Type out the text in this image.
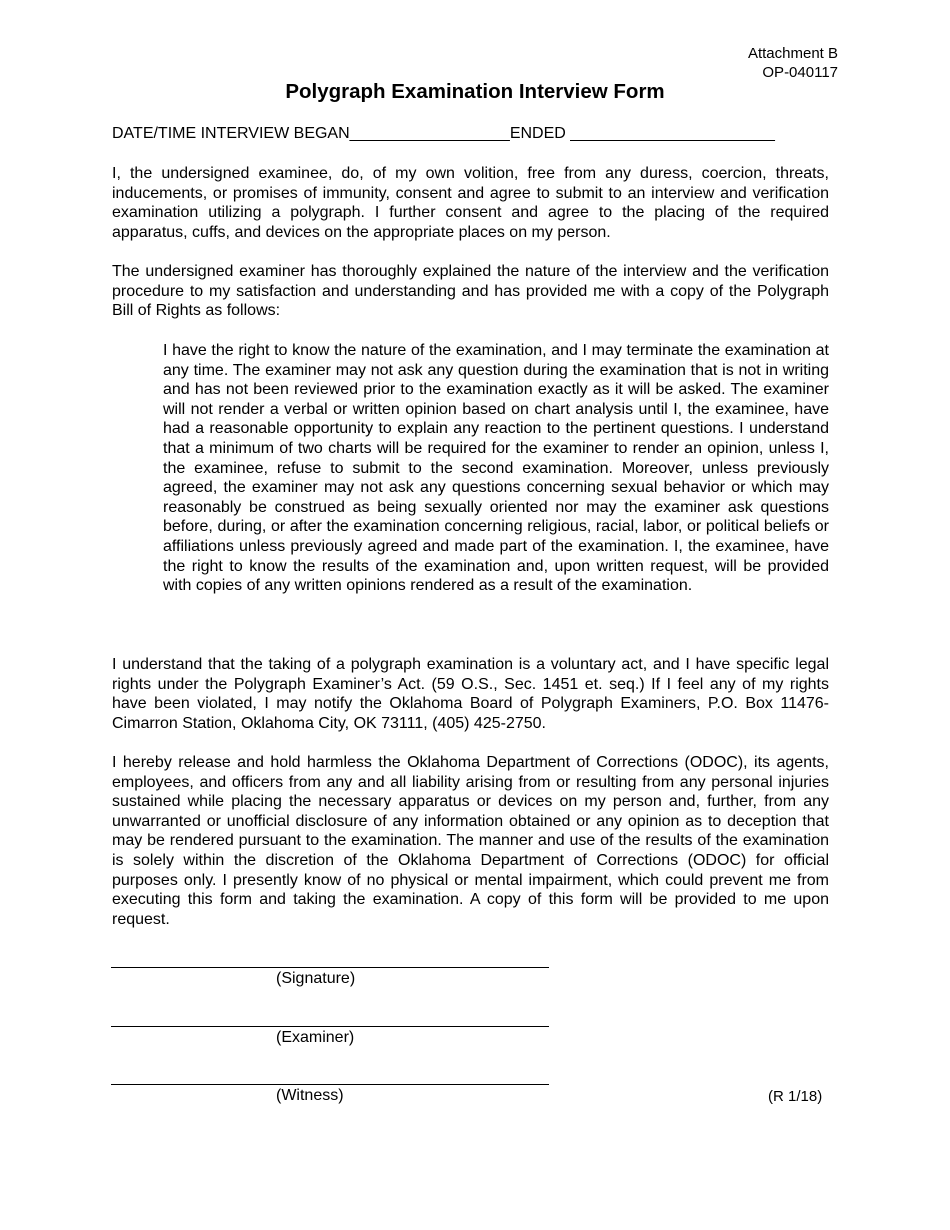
Attachment B
OP-040117
Polygraph Examination Interview Form
DATE/TIME INTERVIEW BEGAN__________________ENDED _______________________

I, the undersigned examinee, do, of my own volition, free from any duress, coercion, threats, inducements, or promises of immunity, consent and agree to submit to an interview and verification examination utilizing a polygraph. I further consent and agree to the placing of the required apparatus, cuffs, and devices on the appropriate places on my person.

The undersigned examiner has thoroughly explained the nature of the interview and the verification procedure to my satisfaction and understanding and has provided me with a copy of the Polygraph Bill of Rights as follows:

I have the right to know the nature of the examination, and I may terminate the examination at any time. The examiner may not ask any question during the examination that is not in writing and has not been reviewed prior to the examination exactly as it will be asked. The examiner will not render a verbal or written opinion based on chart analysis until I, the examinee, have had a reasonable opportunity to explain any reaction to the pertinent questions. I understand that a minimum of two charts will be required for the examiner to render an opinion, unless I, the examinee, refuse to submit to the second examination. Moreover, unless previously agreed, the examiner may not ask any questions concerning sexual behavior or which may reasonably be construed as being sexually oriented nor may the examiner ask questions before, during, or after the examination concerning religious, racial, labor, or political beliefs or affiliations unless previously agreed and made part of the examination. I, the examinee, have the right to know the results of the examination and, upon written request, will be provided with copies of any written opinions rendered as a result of the examination.

I understand that the taking of a polygraph examination is a voluntary act, and I have specific legal rights under the Polygraph Examiner’s Act. (59 O.S., Sec. 1451 et. seq.) If I feel any of my rights have been violated, I may notify the Oklahoma Board of Polygraph Examiners, P.O. Box 11476-Cimarron Station, Oklahoma City, OK 73111, (405) 425-2750.

I hereby release and hold harmless the Oklahoma Department of Corrections (ODOC), its agents, employees, and officers from any and all liability arising from or resulting from any personal injuries sustained while placing the necessary apparatus or devices on my person and, further, from any unwarranted or unofficial disclosure of any information obtained or any opinion as to deception that may be rendered pursuant to the examination. The manner and use of the results of the examination is solely within the discretion of the Oklahoma Department of Corrections (ODOC) for official purposes only. I presently know of no physical or mental impairment, which could prevent me from executing this form and taking the examination. A copy of this form will be provided to me upon request.

(Signature)
(Examiner)
(Witness)	(R 1/18)
